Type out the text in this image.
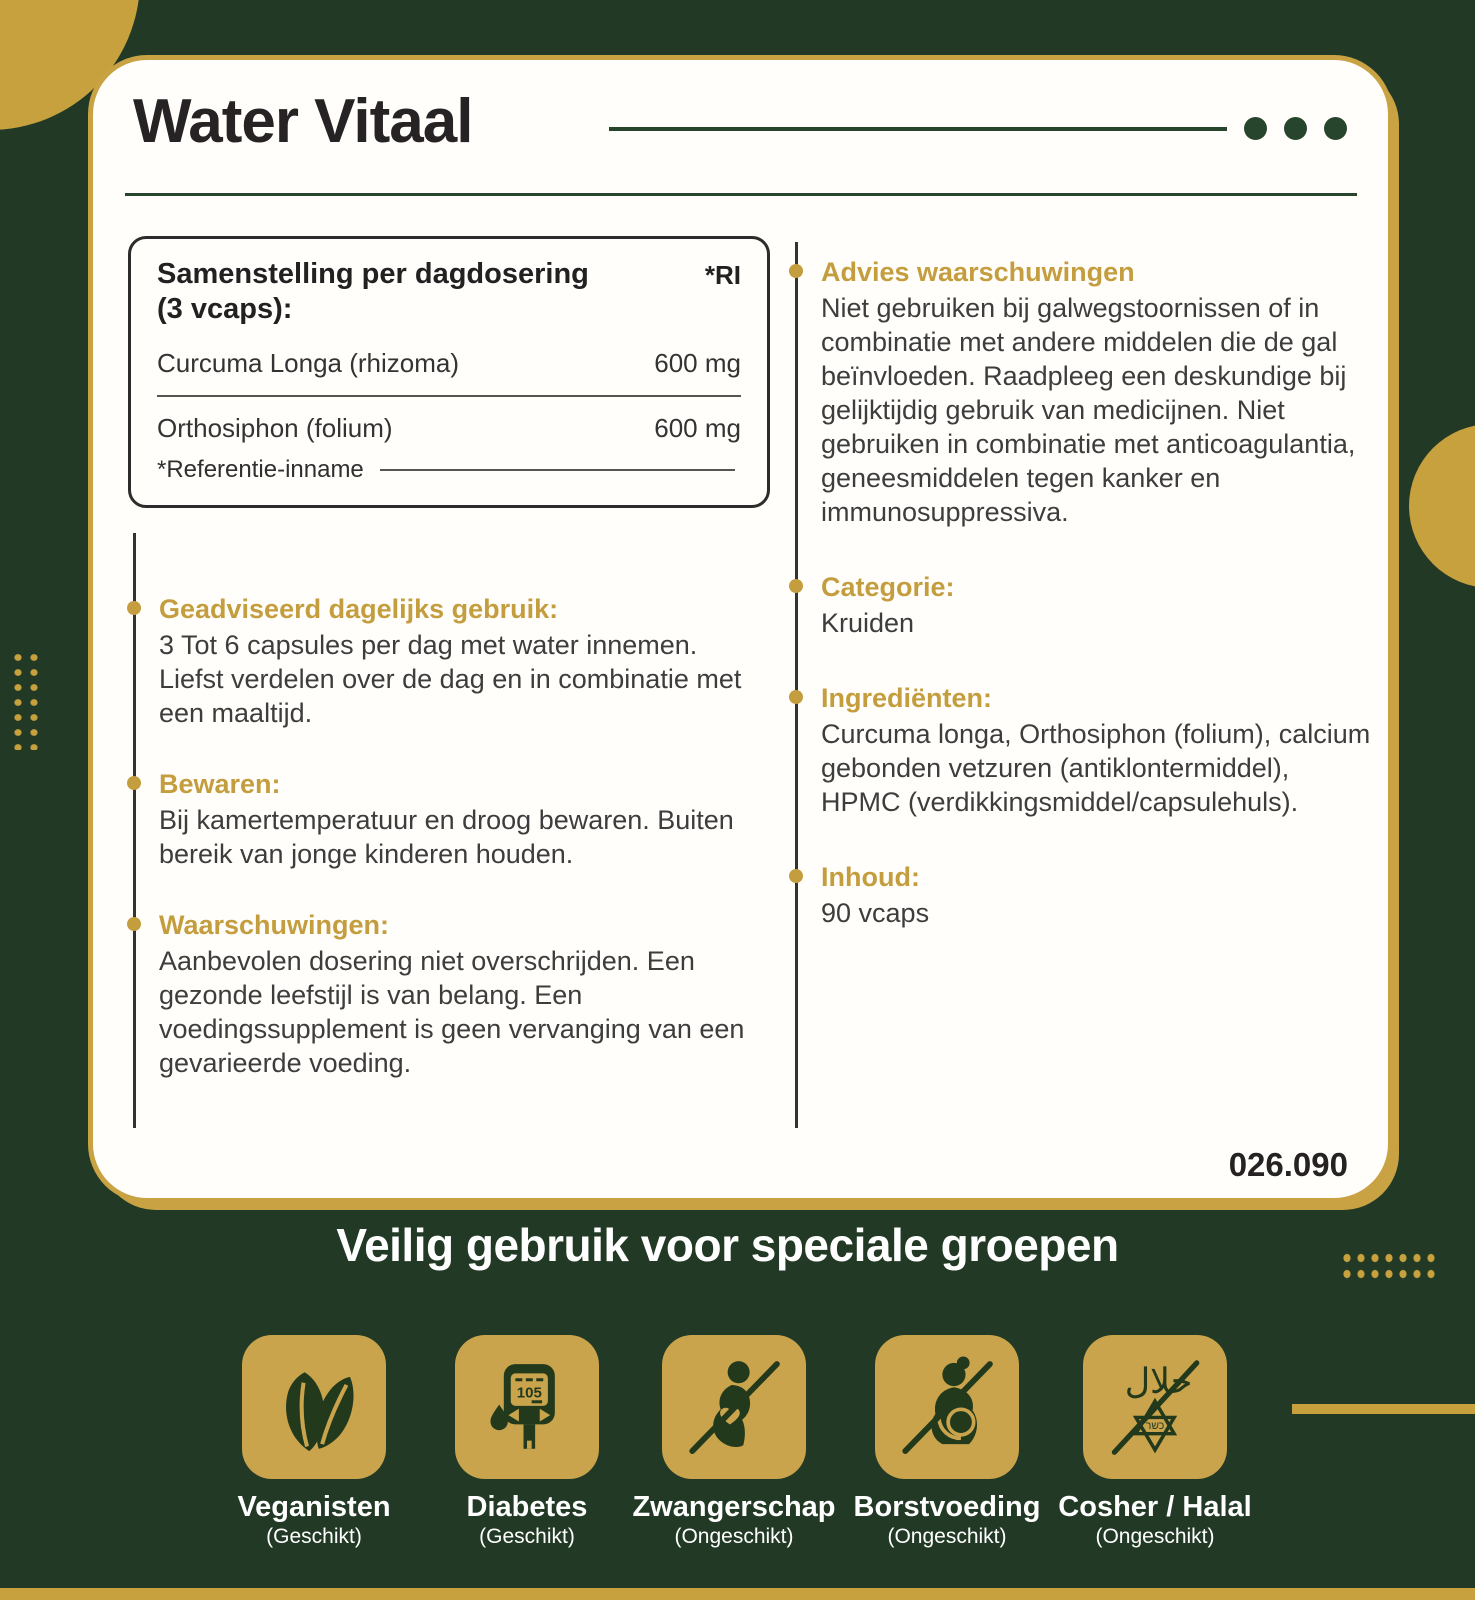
Water Vitaal
Samenstelling per dagdosering
(3 vcaps):
*RI
Curcuma Longa (rhizoma)	600 mg
Orthosiphon (folium)	600 mg
*Referentie-inname
Geadviseerd dagelijks gebruik:

3 Tot 6 capsules per dag met water innemen. Liefst verdelen over de dag en in combinatie met een maaltijd.

Bewaren:

Bij kamertemperatuur en droog bewaren. Buiten bereik van jonge kinderen houden.

Waarschuwingen:

Aanbevolen dosering niet overschrijden. Een gezonde leefstijl is van belang. Een voedingssupplement is geen vervanging van een gevarieerde voeding.

Advies waarschuwingen

Niet gebruiken bij galwegstoornissen of in combinatie met andere middelen die de gal beïnvloeden. Raadpleeg een deskundige bij gelijktijdig gebruik van medicijnen. Niet gebruiken in combinatie met anticoagulantia, geneesmiddelen tegen kanker en immunosuppressiva.

Categorie:

Kruiden

Ingrediënten:

Curcuma longa, Orthosiphon (folium), calcium gebonden vetzuren (antiklontermiddel), HPMC (verdikkingsmiddel/capsulehuls).

Inhoud:

90 vcaps

026.090
Veilig gebruik voor speciale groepen
Veganisten
(Geschikt)
105
Diabetes
(Geschikt)
Zwangerschap
(Ongeschikt)
Borstvoeding
(Ongeschikt)
حلال
כשר
Cosher / Halal
(Ongeschikt)
